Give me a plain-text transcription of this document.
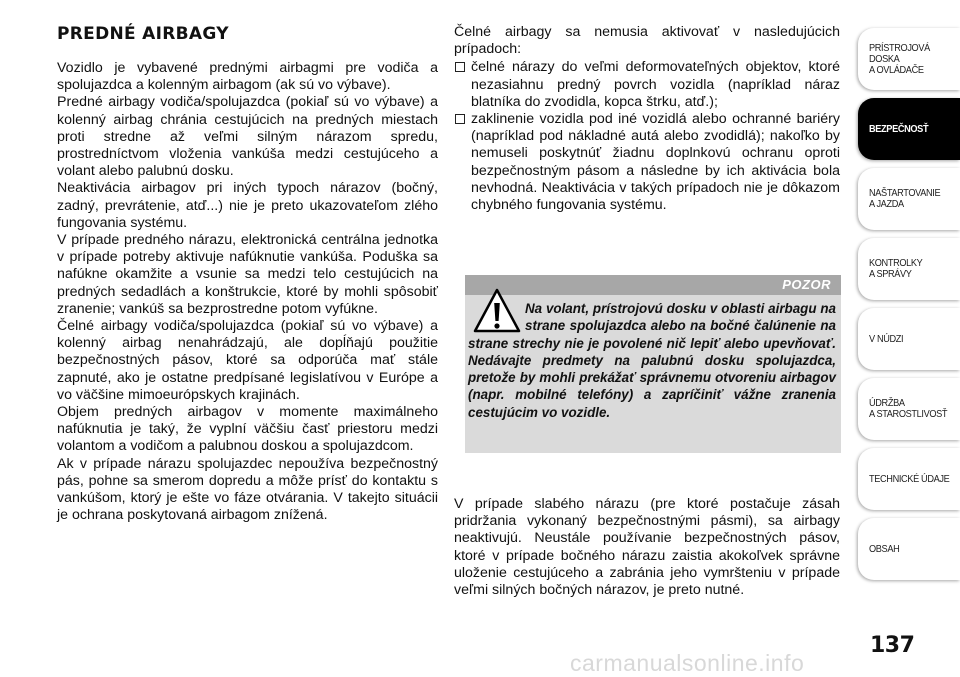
PREDNÉ AIRBAGY

Vozidlo je vybavené prednými airbagmi pre vodiča a spolujazdca a kolenným airbagom (ak sú vo výbave).

Predné airbagy vodiča/spolujazdca (pokiaľ sú vo výbave) a kolenný airbag chránia cestujúcich na predných miestach proti stredne až veľmi silným nárazom spredu, prostredníctvom vloženia vankúša medzi cestujúceho a volant alebo palubnú dosku.

Neaktivácia airbagov pri iných typoch nárazov (bočný, zadný, prevrátenie, atď...) nie je preto ukazovateľom zlého fungovania systému.

V prípade predného nárazu, elektronická centrálna jednotka v prípade potreby aktivuje nafúknutie vankúša. Poduška sa nafúkne okamžite a vsunie sa medzi telo cestujúcich na predných sedadlách a konštrukcie, ktoré by mohli spôsobiť zranenie; vankúš sa bezprostredne potom vyfúkne.

Čelné airbagy vodiča/spolujazdca (pokiaľ sú vo výbave) a kolenný airbag nenahrádzajú, ale dopĺňajú použitie bezpečnostných pásov, ktoré sa odporúča mať stále zapnuté, ako je ostatne predpísané legislatívou v Európe a vo väčšine mimoeurópskych krajinách.

Objem predných airbagov v momente maximálneho nafúknutia je taký, že vyplní väčšiu časť priestoru medzi volantom a vodičom a palubnou doskou a spolujazdcom.

Ak v prípade nárazu spolujazdec nepoužíva bezpečnostný pás, pohne sa smerom dopredu a môže prísť do kontaktu s vankúšom, ktorý je ešte vo fáze otvárania. V takejto situácii je ochrana poskytovaná airbagom znížená.

Čelné airbagy sa nemusia aktivovať v nasledujúcich prípadoch:

čelné nárazy do veľmi deformovateľných objektov, ktoré nezasiahnu predný povrch vozidla (napríklad náraz blatníka do zvodidla, kopca štrku, atď.);
zaklinenie vozidla pod iné vozidlá alebo ochranné bariéry (napríklad pod nákladné autá alebo zvodidlá); nakoľko by nemuseli poskytnúť žiadnu doplnkovú ochranu oproti bezpečnostným pásom a následne by ich aktivácia bola nevhodná. Neaktivácia v takých prípadoch nie je dôkazom chybného fungovania systému.
POZOR
Na volant, prístrojovú dosku v oblasti airbagu na strane spolujazdca alebo na bočné čalúnenie na strane strechy nie je povolené nič lepiť alebo upevňovať. Nedávajte predmety na palubnú dosku spolujazdca, pretože by mohli prekážať správnemu otvoreniu airbagov (napr. mobilné telefóny) a zapríčiniť vážne zranenia cestujúcim vo vozidle.

V prípade slabého nárazu (pre ktoré postačuje zásah pridržania vykonaný bezpečnostnými pásmi), sa airbagy neaktivujú. Neustále používanie bezpečnostných pásov, ktoré v prípade bočného nárazu zaistia akokoľvek správne uloženie cestujúceho a zabránia jeho vymršteniu v prípade veľmi silných bočných nárazov, je preto nutné.

PRÍSTROJOVÁ
DOSKA
A OVLÁDAČE
BEZPEČNOSŤ
NAŠTARTOVANIE
A JAZDA
KONTROLKY
A SPRÁVY
V NÚDZI
ÚDRŽBA
A STAROSTLIVOSŤ
TECHNICKÉ ÚDAJE
OBSAH
137
carmanualsonline.info
